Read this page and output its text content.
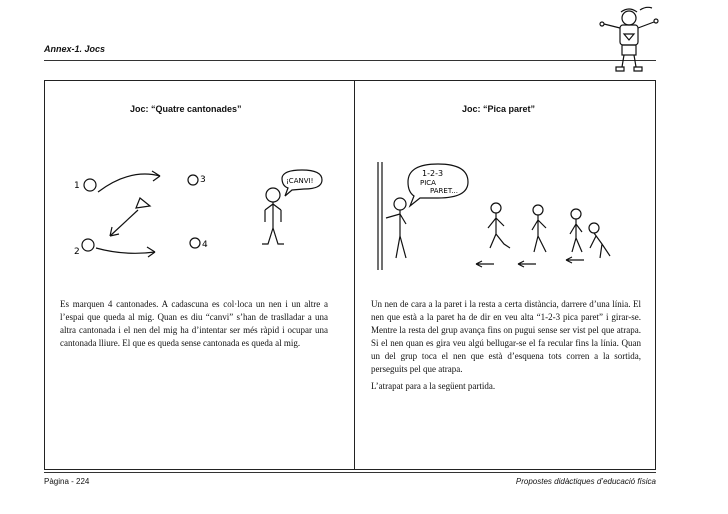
Annex-1. Jocs
Joc: “Quatre cantonades”
1
2
3
4
¡CANVI!

Es marquen 4 cantonades. A cadascuna es col·loca un nen i un altre a l’espai que queda al mig. Quan es diu “canvi” s’han de traslladar a una altra cantonada i el nen del mig ha d’intentar ser més ràpid i ocupar una cantonada lliure. El que es queda sense cantonada es queda al mig.

Joc: “Pica paret”
1-2-3
PICA
PARET...

Un nen de cara a la paret i la resta a certa distància, darrere d’una línia. El nen que està a la paret ha de dir en veu alta “1-2-3 pica paret” i girar-se. Mentre la resta del grup avança fins on pugui sense ser vist pel que atrapa. Si el nen quan es gira veu algú bellugar-se el fa recular fins la línia. Quan un del grup toca el nen que està d’esquena tots corren a la sortida, perseguits pel que atrapa.

L’atrapat para a la següent partida.

Pàgina - 224	Propostes didàctiques d’educació física
